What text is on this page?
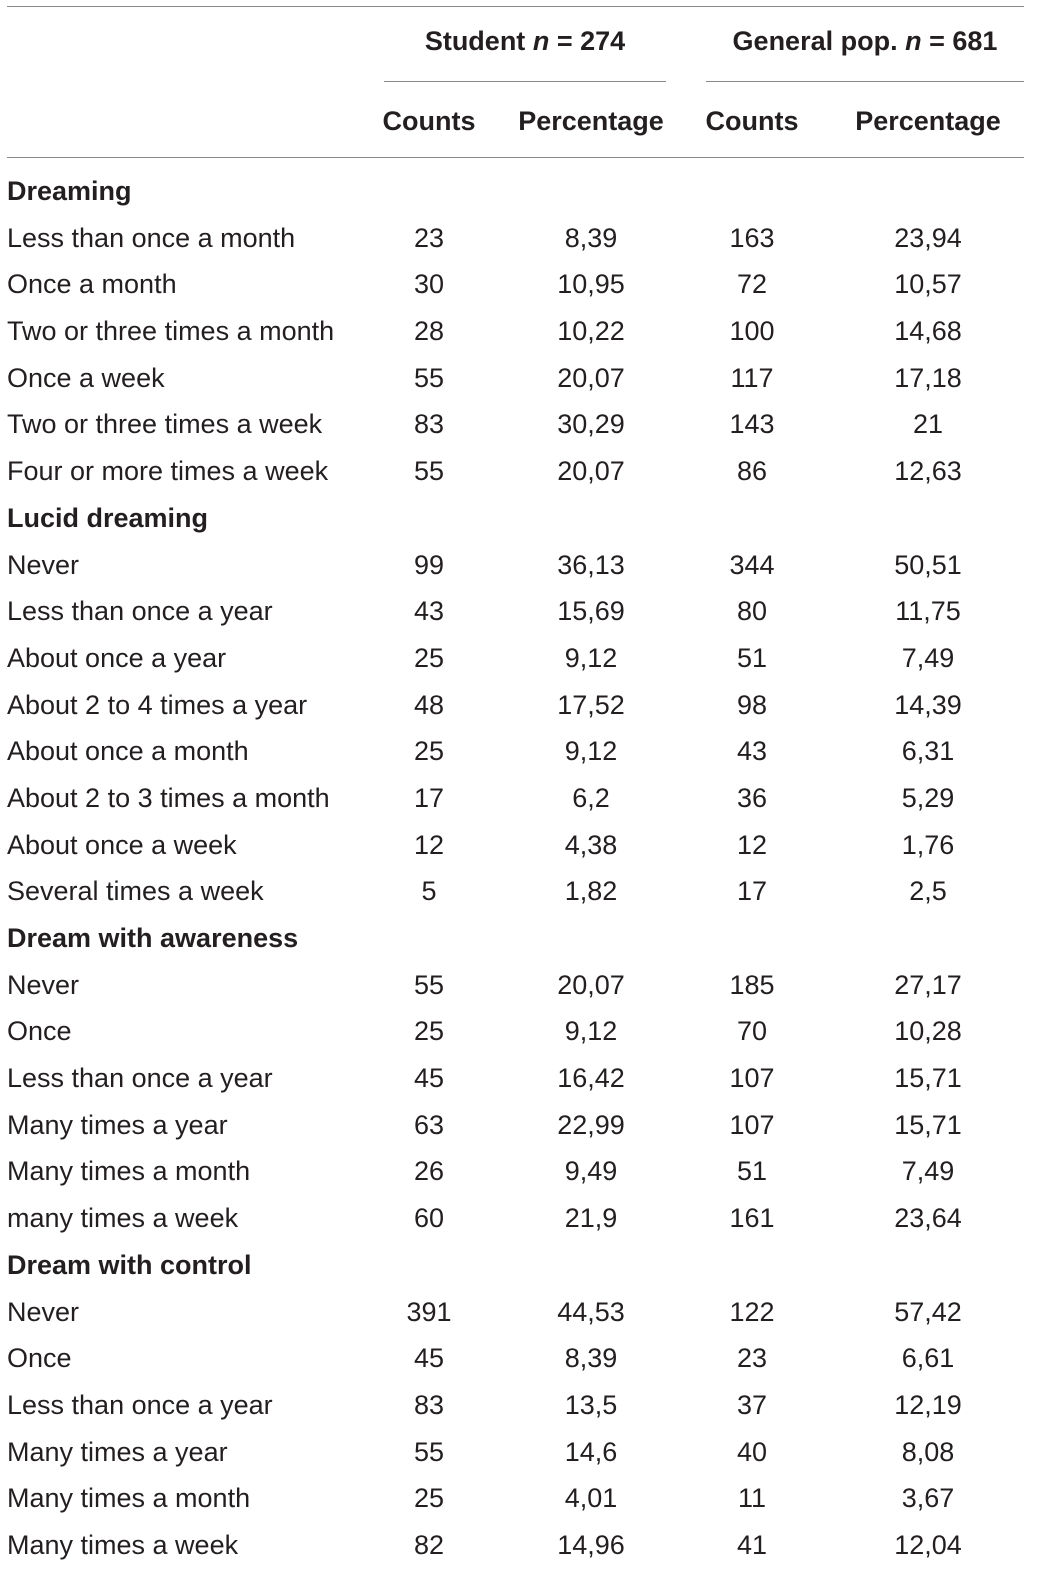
Student n = 274	General pop. n = 681
Counts	Percentage	Counts	Percentage
Dreaming
Less than once a month	23	8,39	163	23,94
Once a month	30	10,95	72	10,57
Two or three times a month	28	10,22	100	14,68
Once a week	55	20,07	117	17,18
Two or three times a week	83	30,29	143	21
Four or more times a week	55	20,07	86	12,63
Lucid dreaming
Never	99	36,13	344	50,51
Less than once a year	43	15,69	80	11,75
About once a year	25	9,12	51	7,49
About 2 to 4 times a year	48	17,52	98	14,39
About once a month	25	9,12	43	6,31
About 2 to 3 times a month	17	6,2	36	5,29
About once a week	12	4,38	12	1,76
Several times a week	5	1,82	17	2,5
Dream with awareness
Never	55	20,07	185	27,17
Once	25	9,12	70	10,28
Less than once a year	45	16,42	107	15,71
Many times a year	63	22,99	107	15,71
Many times a month	26	9,49	51	7,49
many times a week	60	21,9	161	23,64
Dream with control
Never	391	44,53	122	57,42
Once	45	8,39	23	6,61
Less than once a year	83	13,5	37	12,19
Many times a year	55	14,6	40	8,08
Many times a month	25	4,01	11	3,67
Many times a week	82	14,96	41	12,04
